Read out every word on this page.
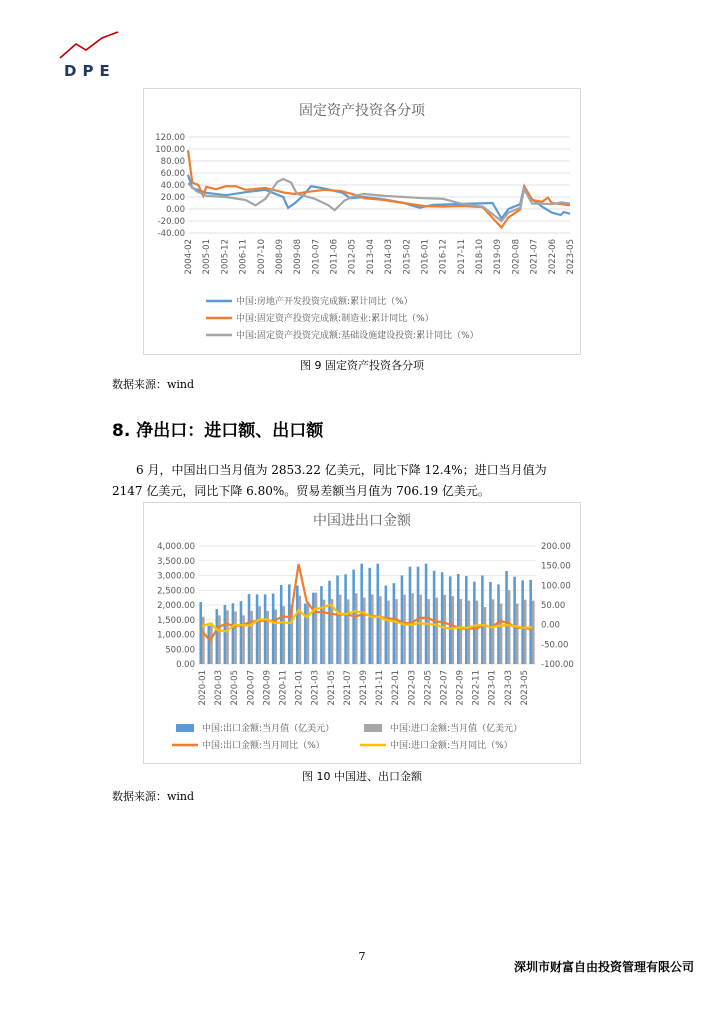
DPE
固定资产投资各分项
120.00
100.00
80.00
60.00
40.00
20.00
0.00
-20.00
-40.00
2004-02 2005-01 2005-12 2006-11 2007-10 2008-09 2009-08 2010-07 2011-06 2012-05 2013-04 2014-03 2015-02 2016-01 2016-12 2017-11 2018-10 2019-09 2020-08 2021-07 2022-06 2023-05
中国:房地产开发投资完成额:累计同比（%）
中国:固定资产投资完成额:制造业:累计同比（%）
中国:固定资产投资完成额:基础设施建设投资:累计同比（%）
图 9 固定资产投资各分项
数据来源：wind
8. 净出口：进口额、出口额

6 月，中国出口当月值为 2853.22 亿美元，同比下降 12.4%；进口当月值为

2147 亿美元，同比下降 6.80%。贸易差额当月值为 706.19 亿美元。

中国进出口金额
4,000.00
3,500.00
3,000.00
2,500.00
2,000.00
1,500.00
1,000.00
500.00
0.00
200.00
150.00
100.00
50.00
0.00
-50.00
-100.00
2020-01 2020-03 2020-05 2020-07 2020-09 2020-11 2021-01 2021-03 2021-05 2021-07 2021-09 2021-11 2022-01 2022-03 2022-05 2022-07 2022-09 2022-11 2023-01 2023-03 2023-05
中国:出口金额:当月值（亿美元）	中国:进口金额:当月值（亿美元）
中国:出口金额:当月同比（%）	中国:进口金额:当月同比（%）
图 10 中国进、出口金额
数据来源：wind
7
深圳市财富自由投资管理有限公司
